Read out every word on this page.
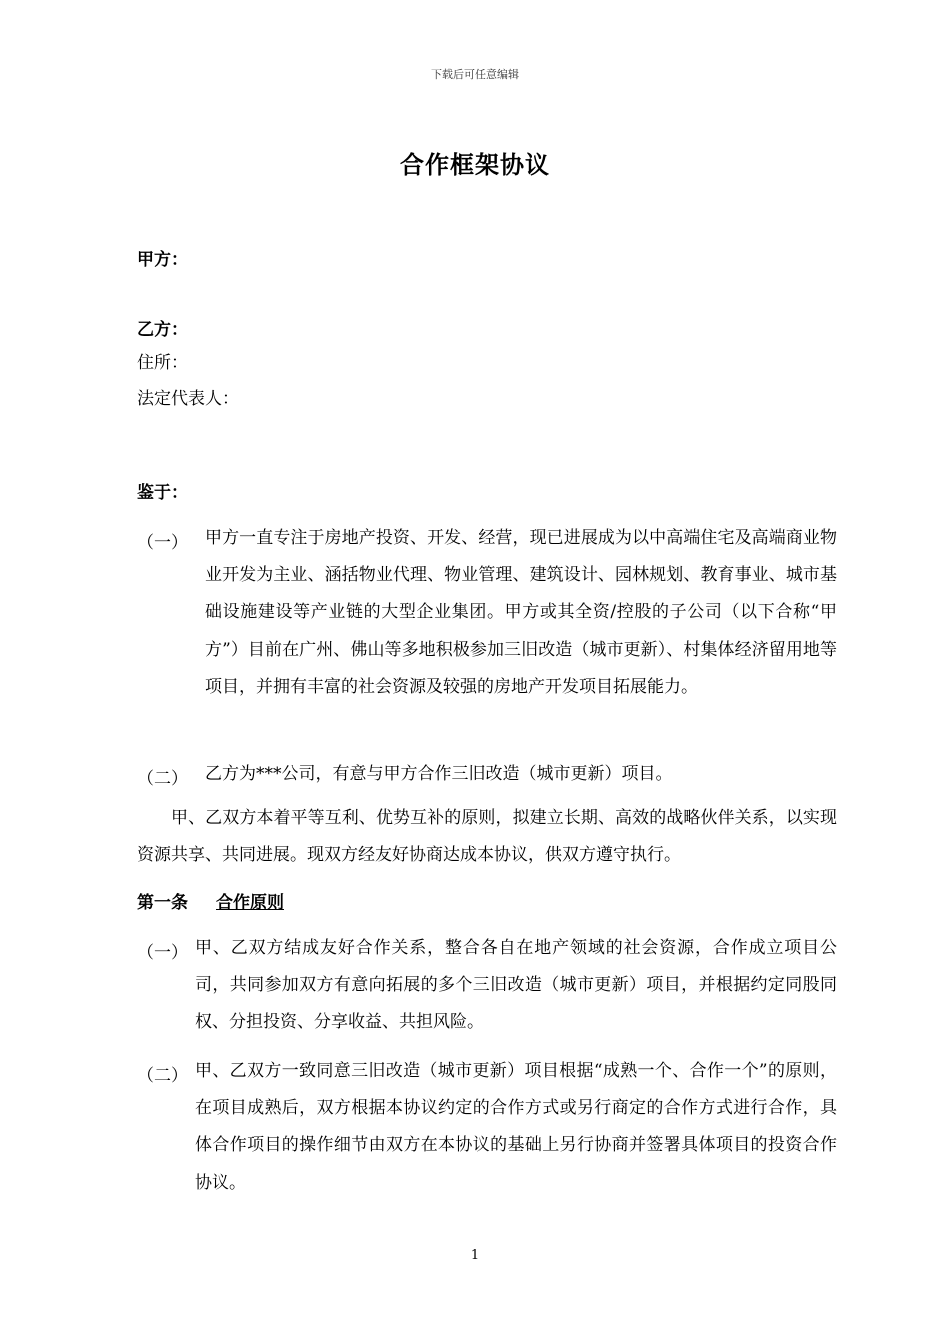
下载后可任意编辑
合作框架协议
甲方：
乙方：
住所：
法定代表人：
鉴于：
（一） 甲方一直专注于房地产投资、开发、经营，现已进展成为以中高端住宅及高端商业物业开发为主业、涵括物业代理、物业管理、建筑设计、园林规划、教育事业、城市基础设施建设等产业链的大型企业集团。甲方或其全资/控股的子公司（以下合称“甲方”）目前在广州、佛山等多地积极参加三旧改造（城市更新）、村集体经济留用地等项目，并拥有丰富的社会资源及较强的房地产开发项目拓展能力。
（二） 乙方为***公司，有意与甲方合作三旧改造（城市更新）项目。
甲、乙双方本着平等互利、优势互补的原则，拟建立长期、高效的战略伙伴关系，以实现资源共享、共同进展。现双方经友好协商达成本协议，供双方遵守执行。
第一条 合作原则
（一） 甲、乙双方结成友好合作关系，整合各自在地产领域的社会资源，合作成立项目公司，共同参加双方有意向拓展的多个三旧改造（城市更新）项目，并根据约定同股同权、分担投资、分享收益、共担风险。
（二） 甲、乙双方一致同意三旧改造（城市更新）项目根据“成熟一个、合作一个”的原则，在项目成熟后，双方根据本协议约定的合作方式或另行商定的合作方式进行合作，具体合作项目的操作细节由双方在本协议的基础上另行协商并签署具体项目的投资合作协议。
1
